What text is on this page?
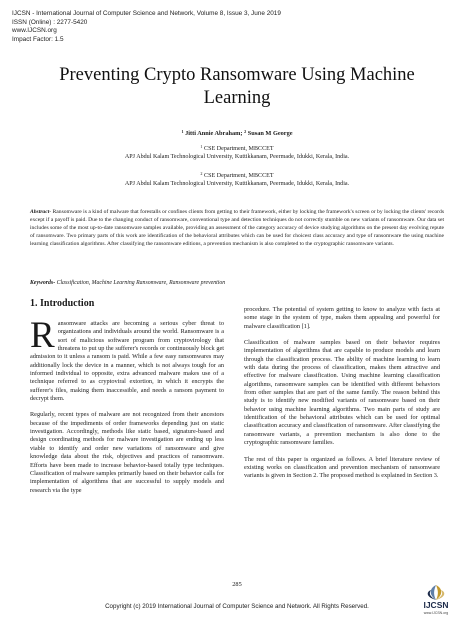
IJCSN - International Journal of Computer Science and Network, Volume 8, Issue 3, June 2019
ISSN (Online) : 2277-5420
www.IJCSN.org
Impact Factor: 1.5
Preventing Crypto Ransomware Using Machine
Learning
$^1$ Jitti Annie Abraham; $^2$ Susan M George
$^1$ CSE Department, MBCCET
APJ Abdul Kalam Technological University, Kuttikkanam, Peermade, Idukki, Kerala, India.
$^2$ CSE Department, MBCCET
APJ Abdul Kalam Technological University, Kuttikkanam, Peermade, Idukki, Kerala, India.
Abstract- Ransomware is a kind of malware that forestalls or confines clients from getting to their framework, either by locking the framework's screen or by locking the clients' records except if a payoff is paid. Due to the changing conduct of ransomware, conventional type and detection techniques do not correctly stumble on new variants of ransomware. Our data set includes some of the most up-to-date ransomware samples available, providing an assessment of the category accuracy of device studying algorithms on the present day evolving repute of ransomware. Two primary parts of this work are identification of the behavioral attributes which can be used for choicest class accuracy and type of ransomware the using machine learning classification algorithms. After classifying the ransomware editions, a prevention mechanism is also completed to the cryptographic ransomware variants.
Keywords- Classification, Machine Learning Ransomware, Ransomware prevention
1. Introduction

Ransomware attacks are becoming a serious cyber threat to organizations and individuals around the world. Ransomware is a sort of malicious software program from cryptovirology that threatens to put up the sufferer's records or continuously block get admission to it unless a ransom is paid. While a few easy ransomwares may additionally lock the device in a manner, which is not always tough for an informed individual to opposite, extra advanced malware makes use of a technique referred to as cryptoviral extortion, in which it encrypts the sufferer's files, making them inaccessible, and needs a ransom payment to decrypt them.

Regularly, recent types of malware are not recognized from their ancestors because of the impediments of order frameworks depending just on static investigation. Accordingly, methods like static based, signature-based and design coordinating methods for malware investigation are ending up less viable to identify and order new variations of ransomware and give knowledge data about the risk, objectives and practices of ransomware. Efforts have been made to increase behavior-based totally type techniques. Classification of malware samples primarily based on their behavior calls for implementation of algorithms that are successful to supply models and research via the type

procedure. The potential of system getting to know to analyze with facts at some stage in the system of type, makes them appealing and powerful for malware classification [1].

Classification of malware samples based on their behavior requires implementation of algorithms that are capable to produce models and learn through the classification process. The ability of machine learning to learn with data during the process of classification, makes them attractive and effective for malware classification. Using machine learning classification algorithms, ransomware samples can be identified with different behaviors from other samples that are part of the same family. The reason behind this study is to identify new modified variants of ransomware based on their behavior using machine learning algorithms. Two main parts of study are identification of the behavioral attributes which can be used for optimal classification accuracy and classification of ransomware. After classifying the ransomware variants, a prevention mechanism is also done to the cryptographic ransomware families.

The rest of this paper is organized as follows. A brief literature review of existing works on classification and prevention mechanism of ransomware variants is given in Section 2. The proposed method is explained in Section 3.

285
Copyright (c) 2019 International Journal of Computer Science and Network. All Rights Reserved.	IJCSN
www.IJCSN.org
